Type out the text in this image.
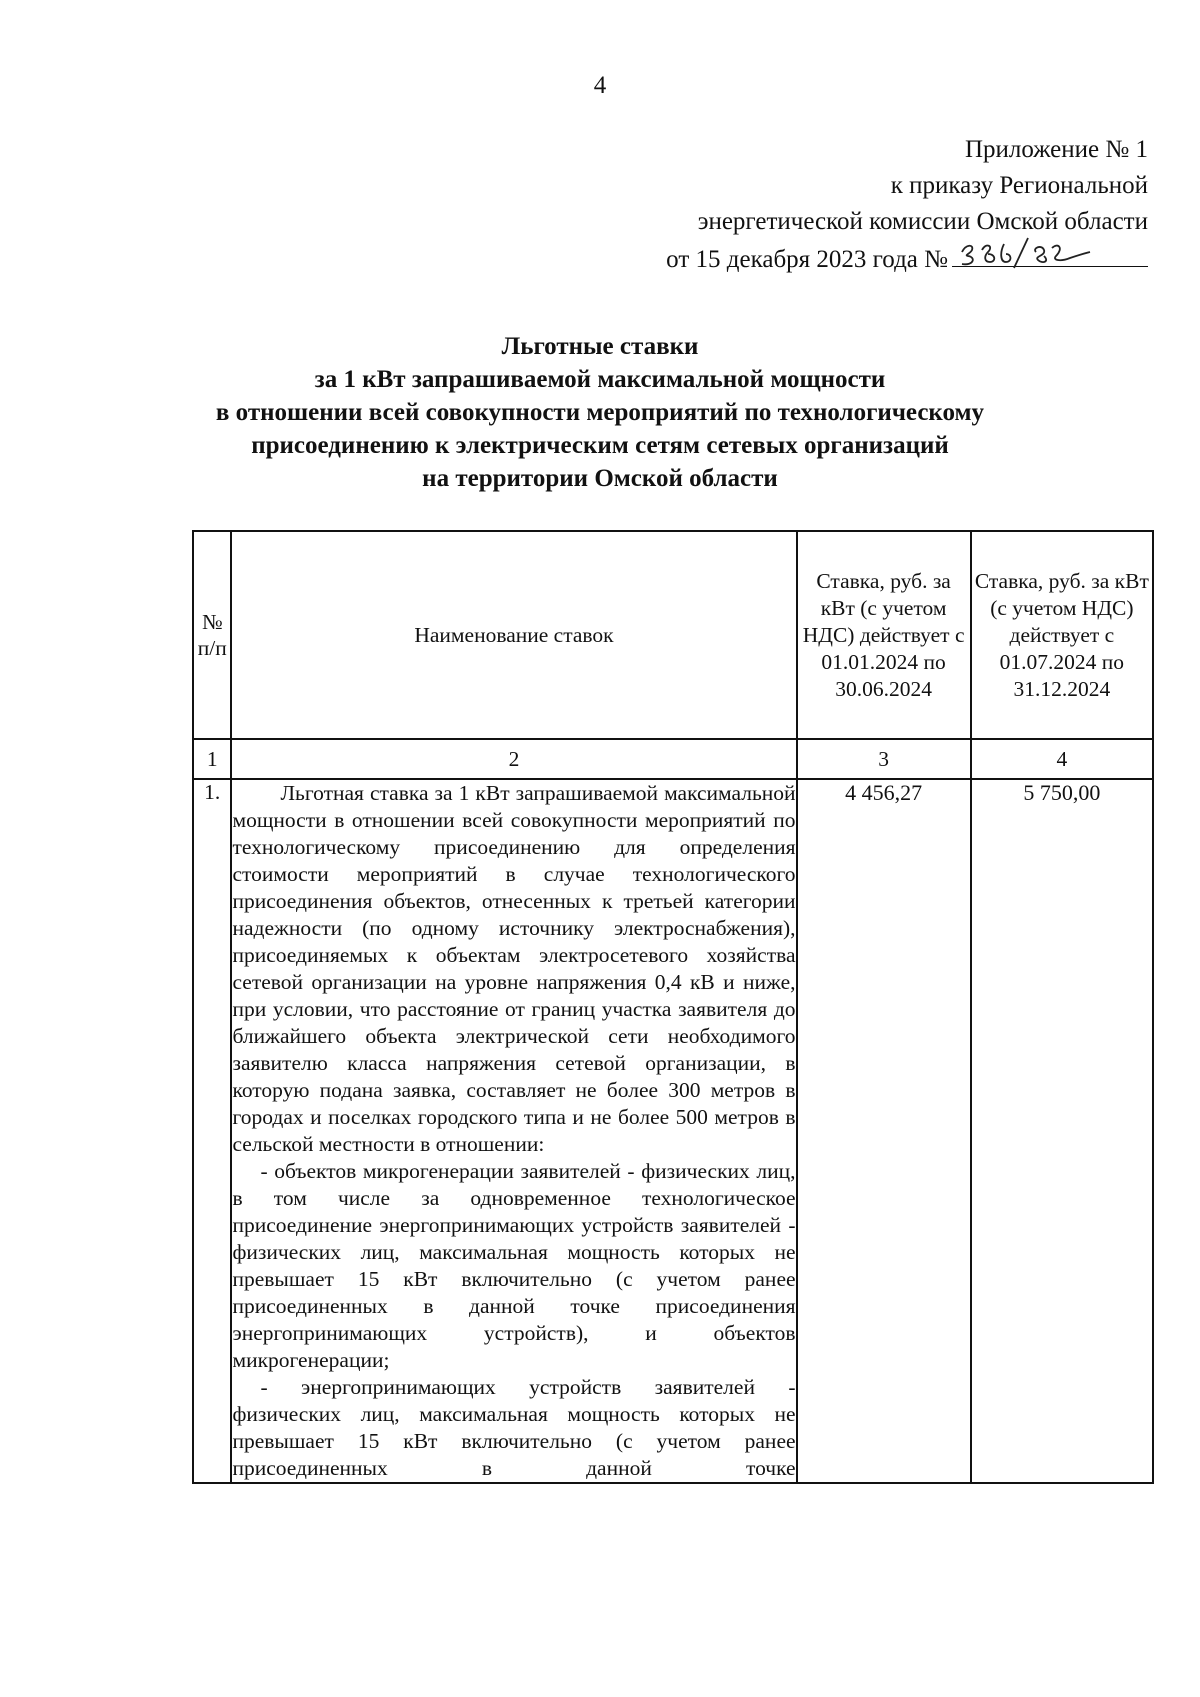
4
Приложение № 1
к приказу Региональной
энергетической комиссии Омской области
от 15 декабря 2023 года №
Льготные ставки
за 1 кВт запрашиваемой максимальной мощности
в отношении всей совокупности мероприятий по технологическому
присоединению к электрическим сетям сетевых организаций
на территории Омской области
№ п/п	Наименование ставок	Ставка, руб. за кВт (с учетом НДС) действует с 01.01.2024 по 30.06.2024	Ставка, руб. за кВт (с учетом НДС) действует с 01.07.2024 по 31.12.2024
1	2	3	4
1.	Льготная ставка за 1 кВт запрашиваемой максимальной мощности в отношении всей совокупности мероприятий по технологическому присоединению для определения стоимости мероприятий в случае технологического присоединения объектов, отнесенных к третьей категории надежности (по одному источнику электроснабжения), присоединяемых к объектам электросетевого хозяйства сетевой организации на уровне напряжения 0,4 кВ и ниже, при условии, что расстояние от границ участка заявителя до ближайшего объекта электрической сети необходимого заявителю класса напряжения сетевой организации, в которую подана заявка, составляет не более 300 метров в городах и поселках городского типа и не более 500 метров в сельской местности в отношении:

- объектов микрогенерации заявителей - физических лиц, в том числе за одновременное технологическое присоединение энергопринимающих устройств заявителей - физических лиц, максимальная мощность которых не превышает 15 кВт включительно (с учетом ранее присоединенных в данной точке присоединения энергопринимающих устройств), и объектов микрогенерации;

- энергопринимающих устройств заявителей - физических лиц, максимальная мощность которых не превышает 15 кВт включительно (с учетом ранее присоединенных в данной точке	4 456,27	5 750,00
